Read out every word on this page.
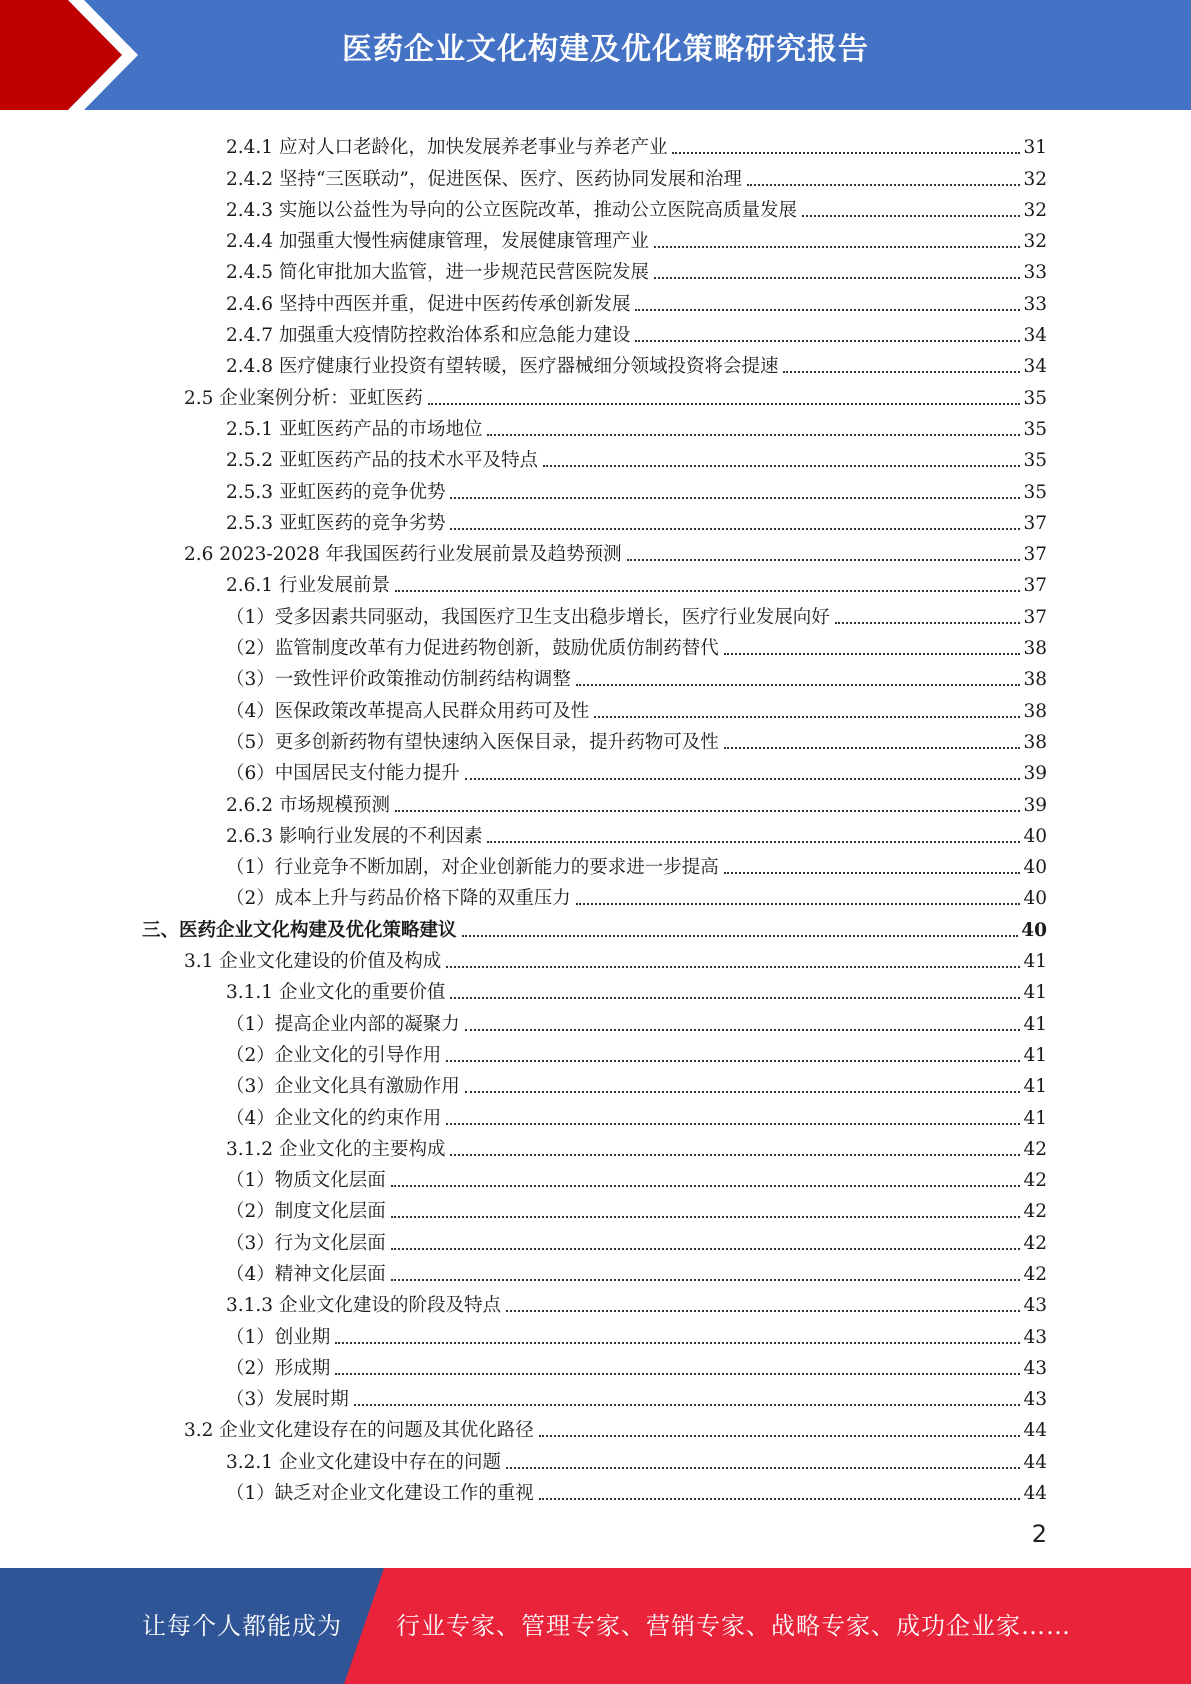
医药企业文化构建及优化策略研究报告
2.4.1 应对人口老龄化，加快发展养老事业与养老产业	31
2.4.2 坚持“三医联动”，促进医保、医疗、医药协同发展和治理	32
2.4.3 实施以公益性为导向的公立医院改革，推动公立医院高质量发展	32
2.4.4 加强重大慢性病健康管理，发展健康管理产业	32
2.4.5 简化审批加大监管，进一步规范民营医院发展	33
2.4.6 坚持中西医并重，促进中医药传承创新发展	33
2.4.7 加强重大疫情防控救治体系和应急能力建设	34
2.4.8 医疗健康行业投资有望转暖，医疗器械细分领域投资将会提速	34
2.5 企业案例分析：亚虹医药	35
2.5.1 亚虹医药产品的市场地位	35
2.5.2 亚虹医药产品的技术水平及特点	35
2.5.3 亚虹医药的竞争优势	35
2.5.3 亚虹医药的竞争劣势	37
2.6 2023-2028 年我国医药行业发展前景及趋势预测	37
2.6.1 行业发展前景	37
（1）受多因素共同驱动，我国医疗卫生支出稳步增长，医疗行业发展向好	37
（2）监管制度改革有力促进药物创新，鼓励优质仿制药替代	38
（3）一致性评价政策推动仿制药结构调整	38
（4）医保政策改革提高人民群众用药可及性	38
（5）更多创新药物有望快速纳入医保目录，提升药物可及性	38
（6）中国居民支付能力提升	39
2.6.2 市场规模预测	39
2.6.3 影响行业发展的不利因素	40
（1）行业竞争不断加剧，对企业创新能力的要求进一步提高	40
（2）成本上升与药品价格下降的双重压力	40
三、医药企业文化构建及优化策略建议	40
3.1 企业文化建设的价值及构成	41
3.1.1 企业文化的重要价值	41
（1）提高企业内部的凝聚力	41
（2）企业文化的引导作用	41
（3）企业文化具有激励作用	41
（4）企业文化的约束作用	41
3.1.2 企业文化的主要构成	42
（1）物质文化层面	42
（2）制度文化层面	42
（3）行为文化层面	42
（4）精神文化层面	42
3.1.3 企业文化建设的阶段及特点	43
（1）创业期	43
（2）形成期	43
（3）发展时期	43
3.2 企业文化建设存在的问题及其优化路径	44
3.2.1 企业文化建设中存在的问题	44
（1）缺乏对企业文化建设工作的重视	44
2
让每个人都能成为 行业专家、管理专家、营销专家、战略专家、成功企业家……
